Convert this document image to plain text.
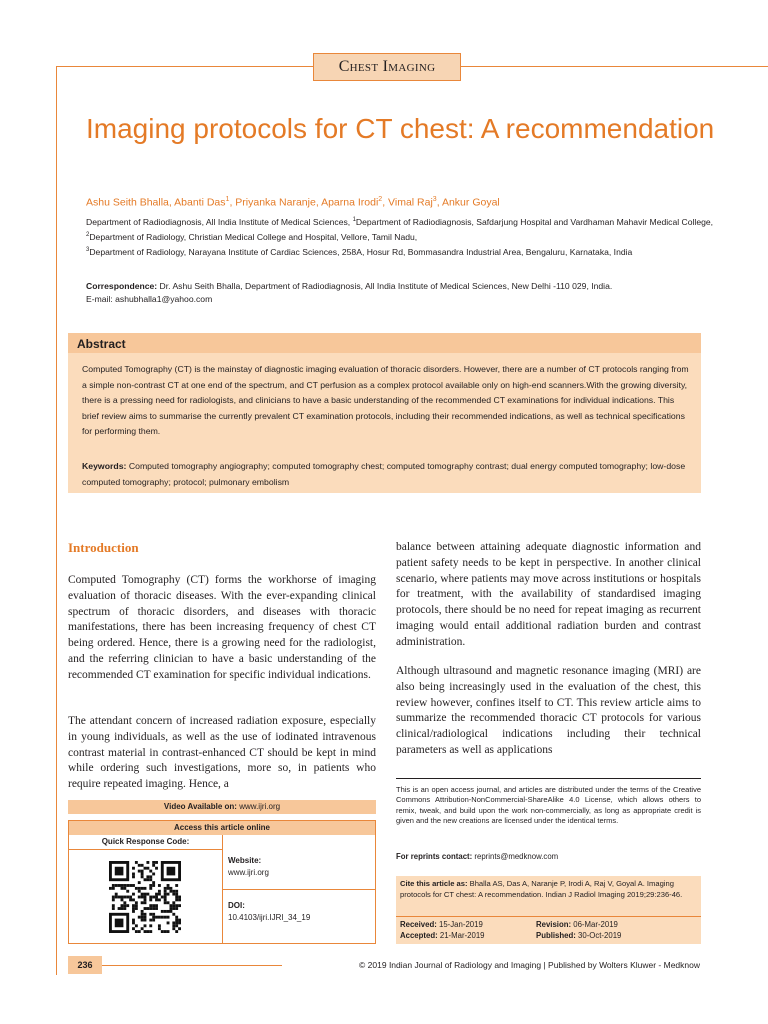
Chest Imaging
Imaging protocols for CT chest: A recommendation
Ashu Seith Bhalla, Abanti Das$^1$, Priyanka Naranje, Aparna Irodi$^2$, Vimal Raj$^3$, Ankur Goyal
Department of Radiodiagnosis, All India Institute of Medical Sciences, $^1$Department of Radiodiagnosis, Safdarjung Hospital and Vardhaman Mahavir Medical College, $^2$Department of Radiology, Christian Medical College and Hospital, Vellore, Tamil Nadu,
$^3$Department of Radiology, Narayana Institute of Cardiac Sciences, 258A, Hosur Rd, Bommasandra Industrial Area, Bengaluru, Karnataka, India
Correspondence: Dr. Ashu Seith Bhalla, Department of Radiodiagnosis, All India Institute of Medical Sciences, New Delhi -110 029, India.
E-mail: ashubhalla1@yahoo.com
Abstract
Computed Tomography (CT) is the mainstay of diagnostic imaging evaluation of thoracic disorders. However, there are a number of CT protocols ranging from a simple non-contrast CT at one end of the spectrum, and CT perfusion as a complex protocol available only on high-end scanners.With the growing diversity, there is a pressing need for radiologists, and clinicians to have a basic understanding of the recommended CT examinations for individual indications. This brief review aims to summarise the currently prevalent CT examination protocols, including their recommended indications, as well as technical specifications for performing them.
Keywords: Computed tomography angiography; computed tomography chest; computed tomography contrast; dual energy computed tomography; low-dose computed tomography; protocol; pulmonary embolism
Introduction
Computed Tomography (CT) forms the workhorse of imaging evaluation of thoracic diseases. With the ever-expanding clinical spectrum of thoracic disorders, and diseases with thoracic manifestations, there has been increasing frequency of chest CT being ordered. Hence, there is a growing need for the radiologist, and the referring clinician to have a basic understanding of the recommended CT examination for specific individual indications.
The attendant concern of increased radiation exposure, especially in young individuals, as well as the use of iodinated intravenous contrast material in contrast-enhanced CT should be kept in mind while ordering such investigations, more so, in patients who require repeated imaging. Hence, a
balance between attaining adequate diagnostic information and patient safety needs to be kept in perspective. In another clinical scenario, where patients may move across institutions or hospitals for treatment, with the availability of standardised imaging protocols, there should be no need for repeat imaging as recurrent imaging would entail additional radiation burden and contrast administration.
Although ultrasound and magnetic resonance imaging (MRI) are also being increasingly used in the evaluation of the chest, this review however, confines itself to CT. This review article aims to summarize the recommended thoracic CT protocols for various clinical/radiological indications including their technical parameters as well as applications
This is an open access journal, and articles are distributed under the terms of the Creative Commons Attribution-NonCommercial-ShareAlike 4.0 License, which allows others to remix, tweak, and build upon the work non-commercially, as long as appropriate credit is given and the new creations are licensed under the identical terms.
For reprints contact: reprints@medknow.com
Cite this article as: Bhalla AS, Das A, Naranje P, Irodi A, Raj V, Goyal A. Imaging protocols for CT chest: A recommendation. Indian J Radiol Imaging 2019;29:236-46.
Received: 15-Jan-2019	Revision: 06-Mar-2019
Accepted: 21-Mar-2019	Published: 30-Oct-2019
Video Available on: www.ijri.org
Access this article online
Quick Response Code:
Website:
www.ijri.org
DOI:
10.4103/ijri.IJRI_34_19
236	© 2019 Indian Journal of Radiology and Imaging | Published by Wolters Kluwer - Medknow
